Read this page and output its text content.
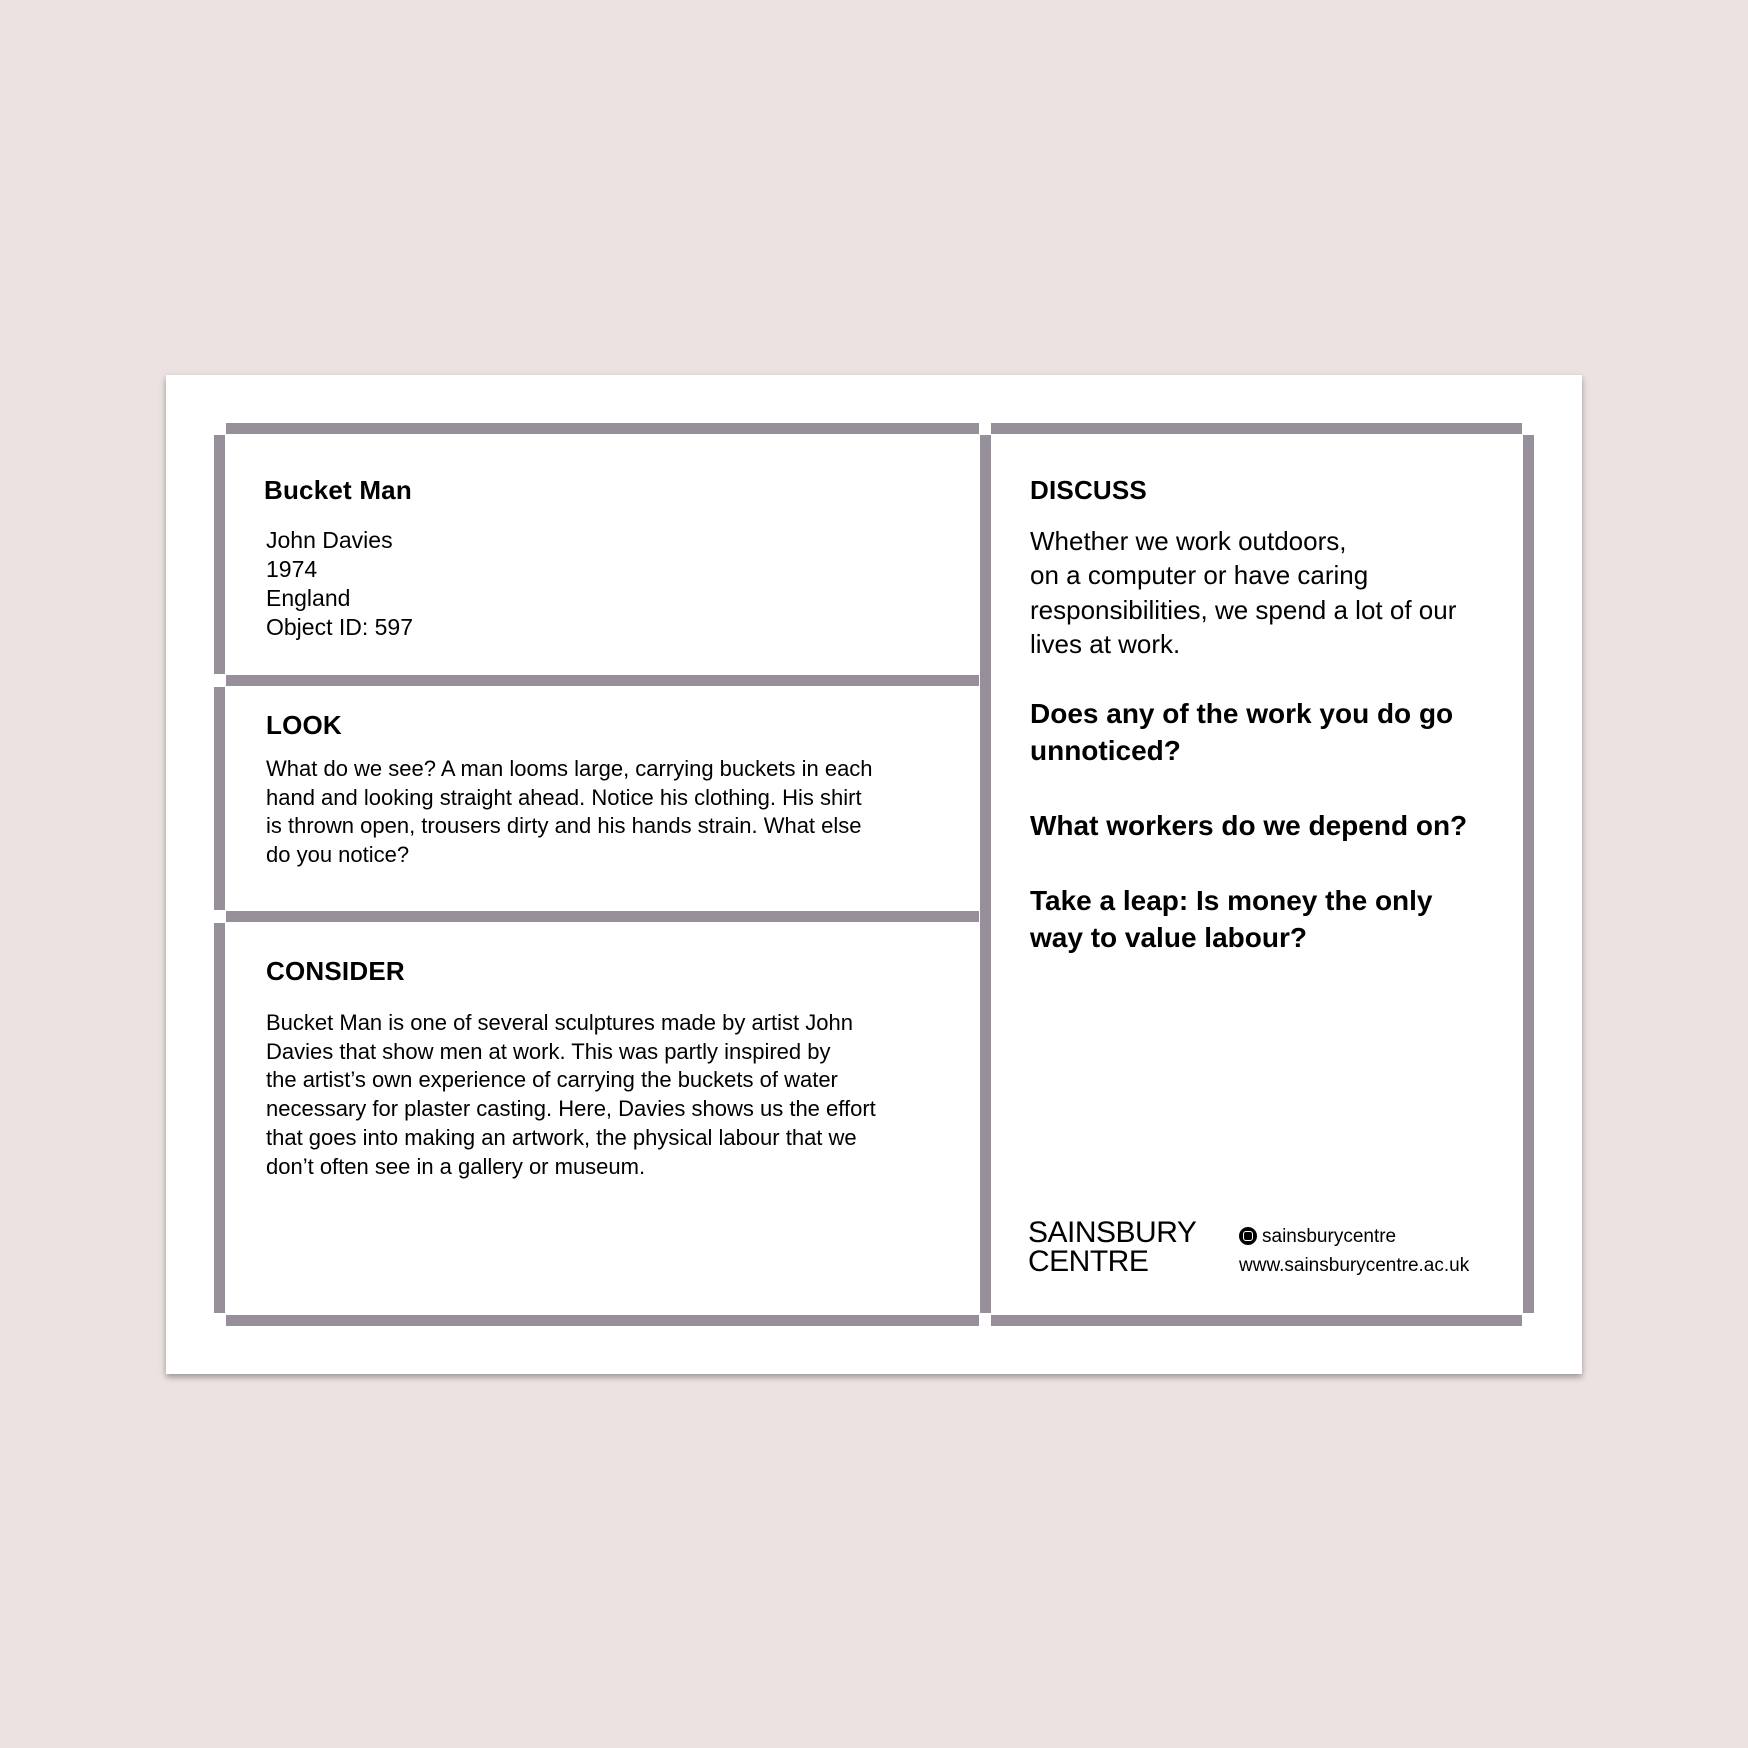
Bucket Man
John Davies
1974
England
Object ID: 597
LOOK

What do we see? A man looms large, carrying buckets in each
hand and looking straight ahead. Notice his clothing. His shirt
is thrown open, trousers dirty and his hands strain. What else
do you notice?

CONSIDER

Bucket Man is one of several sculptures made by artist John
Davies that show men at work. This was partly inspired by
the artist’s own experience of carrying the buckets of water
necessary for plaster casting. Here, Davies shows us the effort
that goes into making an artwork, the physical labour that we
don’t often see in a gallery or museum.

DISCUSS

Whether we work outdoors,
on a computer or have caring
responsibilities, we spend a lot of our
lives at work.

Does any of the work you do go
unnoticed?

What workers do we depend on?

Take a leap: Is money the only
way to value labour?

SAINSBURY
CENTRE
sainsburycentre
www.sainsburycentre.ac.uk
